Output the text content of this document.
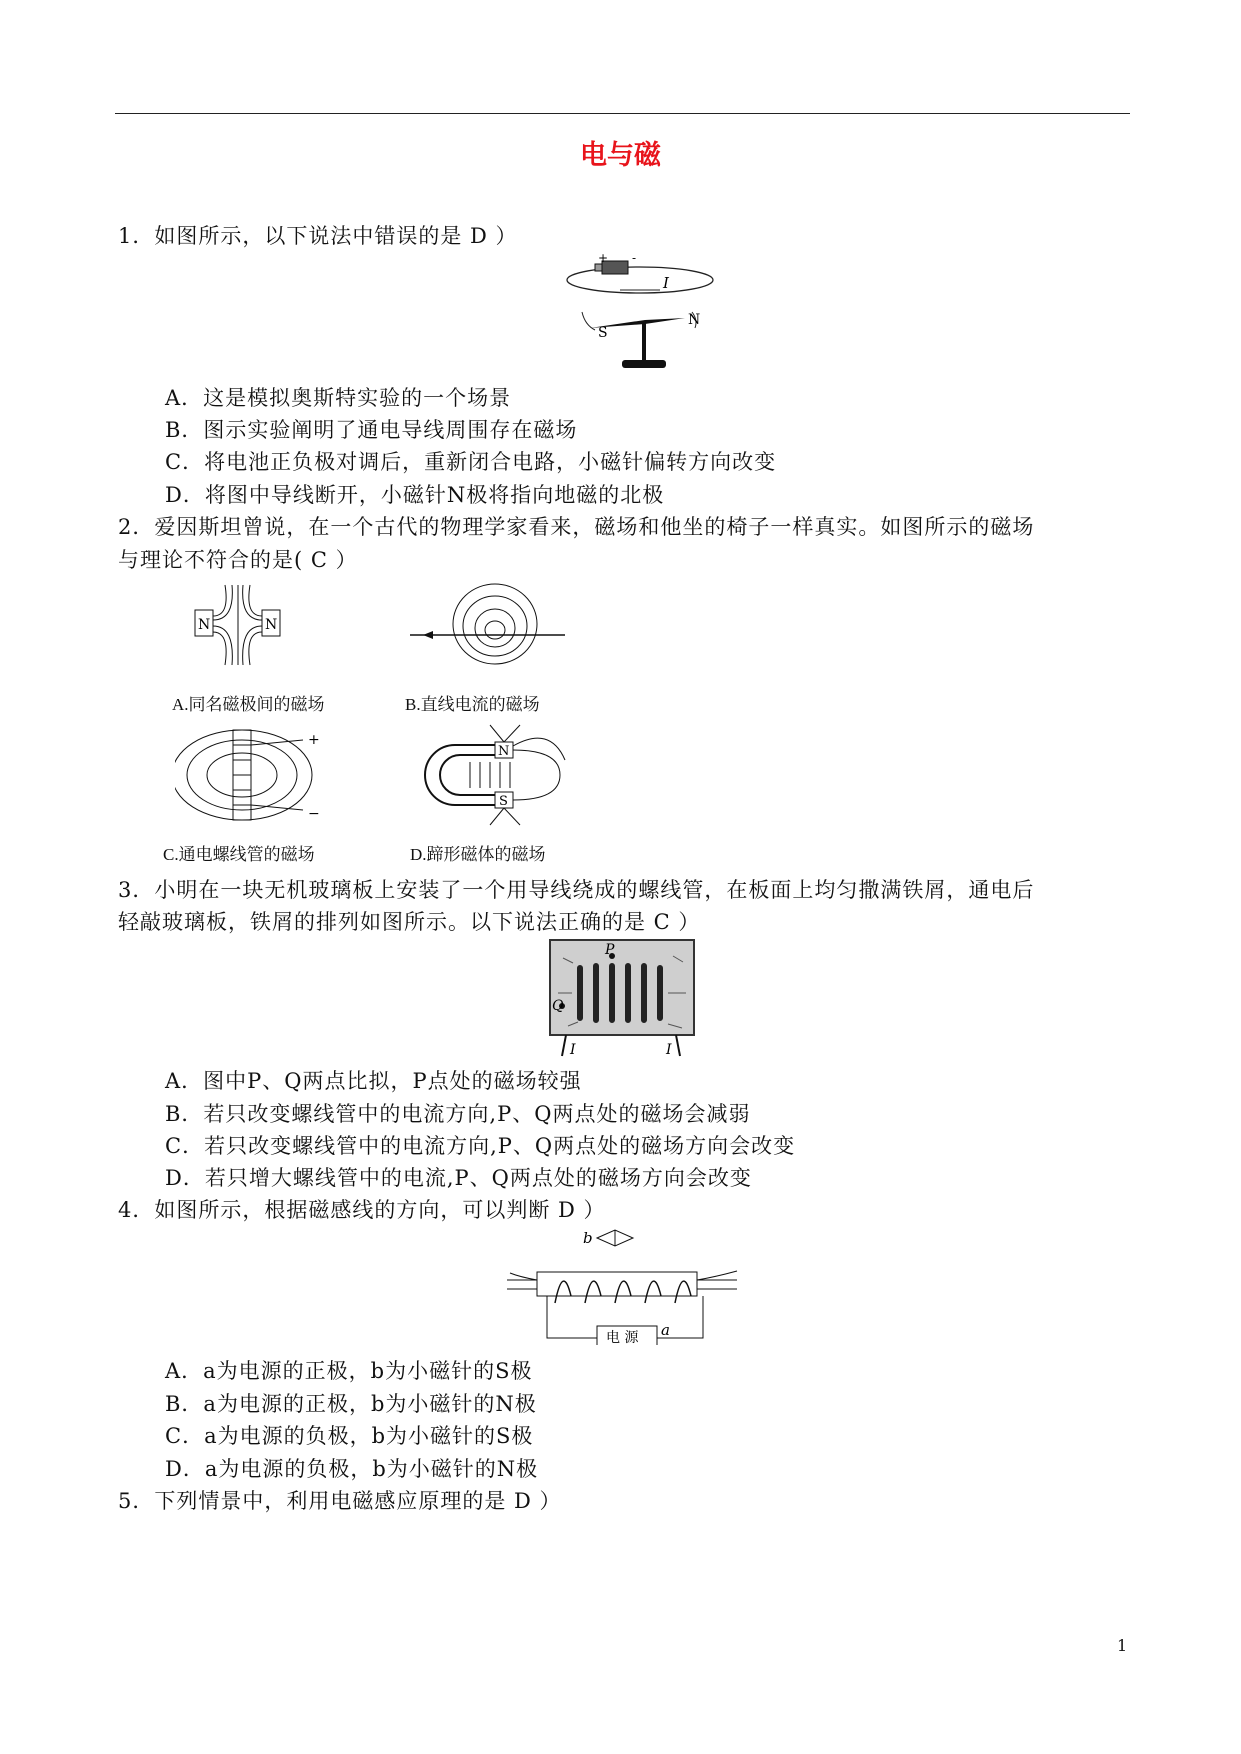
电与磁
1．如图所示，以下说法中错误的是 D ）
+ -
I
S
N
A．这是模拟奥斯特实验的一个场景
B．图示实验阐明了通电导线周围存在磁场
C．将电池正负极对调后，重新闭合电路，小磁针偏转方向改变
D．将图中导线断开，小磁针N极将指向地磁的北极
2．爱因斯坦曾说，在一个古代的物理学家看来，磁场和他坐的椅子一样真实。如图所示的磁场
与理论不符合的是( C ）
N	N
A.同名磁极间的磁场	B.直线电流的磁场
+
−
C.通电螺线管的磁场
N
S
D.蹄形磁体的磁场
3．小明在一块无机玻璃板上安装了一个用导线绕成的螺线管，在板面上均匀撒满铁屑，通电后
轻敲玻璃板，铁屑的排列如图所示。以下说法正确的是 C ）
P
Q
I	I
A．图中P、Q两点比拟，P点处的磁场较强
B．若只改变螺线管中的电流方向,P、Q两点处的磁场会减弱
C．若只改变螺线管中的电流方向,P、Q两点处的磁场方向会改变
D．若只增大螺线管中的电流,P、Q两点处的磁场方向会改变
4．如图所示，根据磁感线的方向，可以判断 D ）
b
电 源 a
A．a为电源的正极，b为小磁针的S极
B．a为电源的正极，b为小磁针的N极
C．a为电源的负极，b为小磁针的S极
D．a为电源的负极，b为小磁针的N极
5．下列情景中，利用电磁感应原理的是 D ）
1
